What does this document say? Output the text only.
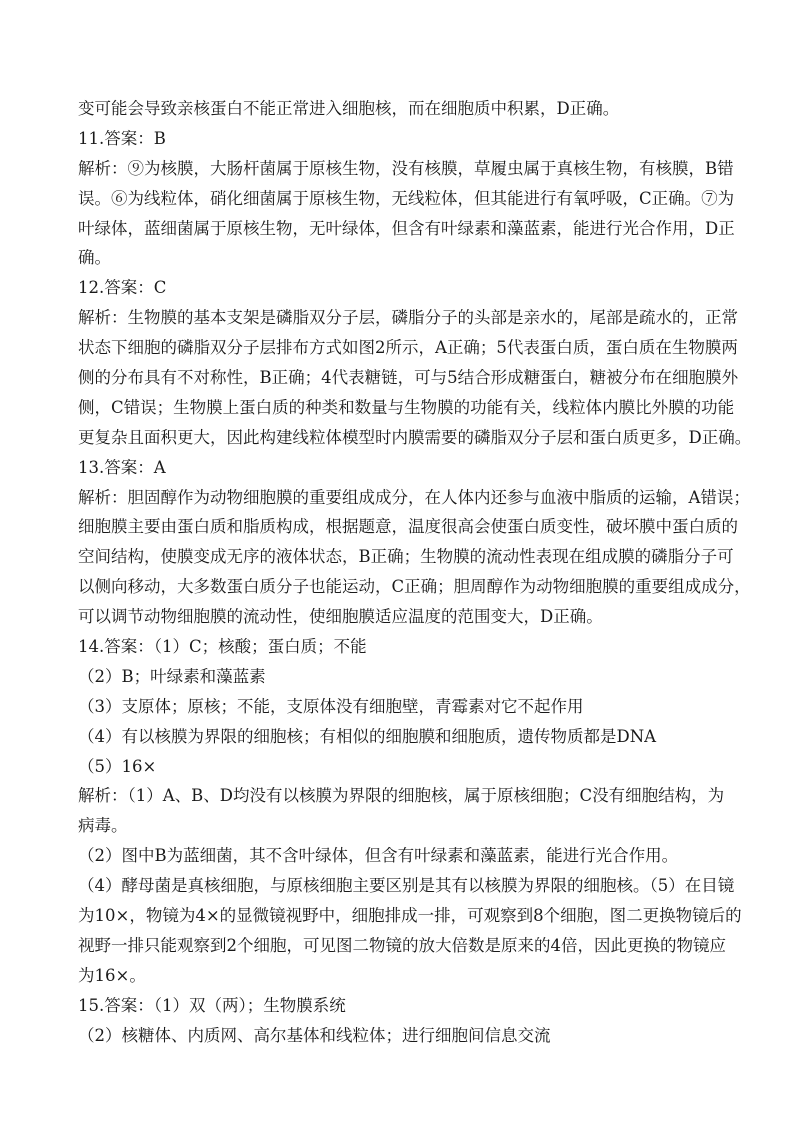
变可能会导致亲核蛋白不能正常进入细胞核，而在细胞质中积累，D正确。
11.答案：B
解析：⑨为核膜，大肠杆菌属于原核生物，没有核膜，草履虫属于真核生物，有核膜，B错
误。⑥为线粒体，硝化细菌属于原核生物，无线粒体，但其能进行有氧呼吸，C正确。⑦为
叶绿体，蓝细菌属于原核生物，无叶绿体，但含有叶绿素和藻蓝素，能进行光合作用，D正
确。
12.答案：C
解析：生物膜的基本支架是磷脂双分子层，磷脂分子的头部是亲水的，尾部是疏水的，正常
状态下细胞的磷脂双分子层排布方式如图2所示，A正确；5代表蛋白质，蛋白质在生物膜两
侧的分布具有不对称性，B正确；4代表糖链，可与5结合形成糖蛋白，糖被分布在细胞膜外
侧，C错误；生物膜上蛋白质的种类和数量与生物膜的功能有关，线粒体内膜比外膜的功能
更复杂且面积更大，因此构建线粒体模型时内膜需要的磷脂双分子层和蛋白质更多，D正确。
13.答案：A
解析：胆固醇作为动物细胞膜的重要组成成分，在人体内还参与血液中脂质的运输，A错误；
细胞膜主要由蛋白质和脂质构成，根据题意，温度很高会使蛋白质变性，破坏膜中蛋白质的
空间结构，使膜变成无序的液体状态，B正确；生物膜的流动性表现在组成膜的磷脂分子可
以侧向移动，大多数蛋白质分子也能运动，C正确；胆周醇作为动物细胞膜的重要组成成分，
可以调节动物细胞膜的流动性，使细胞膜适应温度的范围变大，D正确。
14.答案：（1）C；核酸；蛋白质；不能
（2）B；叶绿素和藻蓝素
（3）支原体；原核；不能，支原体没有细胞壁，青霉素对它不起作用
（4）有以核膜为界限的细胞核；有相似的细胞膜和细胞质，遗传物质都是DNA
（5）16×
解析：（1）A、B、D均没有以核膜为界限的细胞核，属于原核细胞；C没有细胞结构，为
病毒。
（2）图中B为蓝细菌，其不含叶绿体，但含有叶绿素和藻蓝素，能进行光合作用。
（4）酵母菌是真核细胞，与原核细胞主要区别是其有以核膜为界限的细胞核。（5）在目镜
为10×，物镜为4×的显微镜视野中，细胞排成一排，可观察到8个细胞，图二更换物镜后的
视野一排只能观察到2个细胞，可见图二物镜的放大倍数是原来的4倍，因此更换的物镜应
为16×。
15.答案：（1）双（两）；生物膜系统
（2）核糖体、内质网、高尔基体和线粒体；进行细胞间信息交流
